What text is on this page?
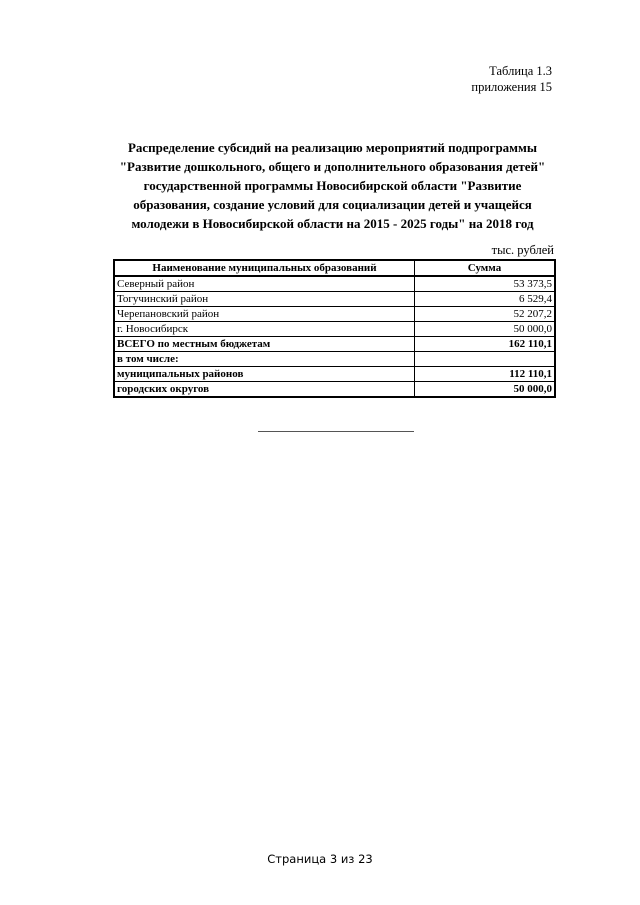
Таблица 1.3
приложения 15
Распределение субсидий на реализацию мероприятий подпрограммы
"Развитие дошкольного, общего и дополнительного образования детей"
государственной программы Новосибирской области "Развитие
образования, создание условий для социализации детей и учащейся
молодежи в Новосибирской области на 2015 - 2025 годы" на 2018 год
тыс. рублей
Наименование муниципальных образований	Сумма
Северный район	53 373,5
Тогучинский район	6 529,4
Черепановский район	52 207,2
г. Новосибирск	50 000,0
ВСЕГО по местным бюджетам	162 110,1
в том числе:	
муниципальных районов	112 110,1
городских округов	50 000,0
Страница 3 из 23
